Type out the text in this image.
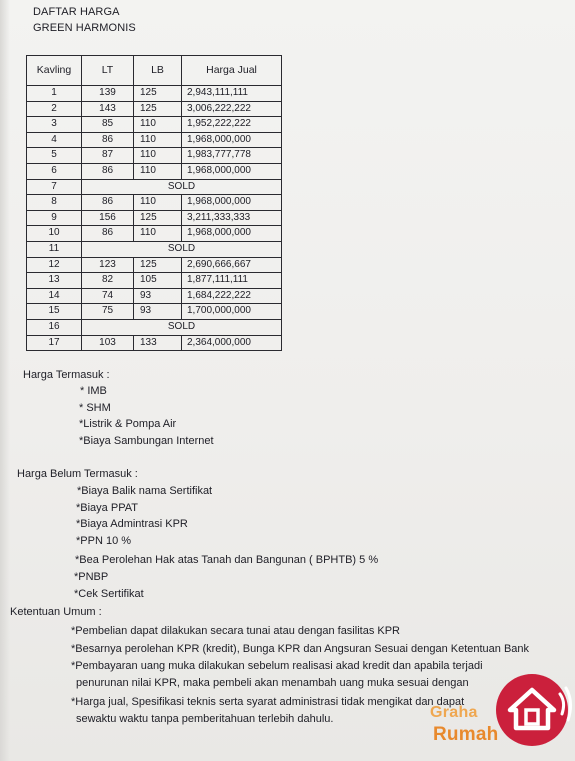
DAFTAR HARGA
GREEN HARMONIS
Kavling	LT	LB	Harga Jual
1	139	125	2,943,111,111
2	143	125	3,006,222,222
3	85	110	1,952,222,222
4	86	110	1,968,000,000
5	87	110	1,983,777,778
6	86	110	1,968,000,000
7	SOLD		
8	86	110	1,968,000,000
9	156	125	3,211,333,333
10	86	110	1,968,000,000
11	SOLD		
12	123	125	2,690,666,667
13	82	105	1,877,111,111
14	74	93	1,684,222,222
15	75	93	1,700,000,000
16	SOLD		
17	103	133	2,364,000,000
Harga Termasuk :
* IMB
* SHM
*Listrik & Pompa Air
*Biaya Sambungan Internet
Harga Belum Termasuk :
*Biaya Balik nama Sertifikat
*Biaya PPAT
*Biaya Admintrasi KPR
*PPN 10 %
*Bea Perolehan Hak atas Tanah dan Bangunan ( BPHTB) 5 %
*PNBP
*Cek Sertifikat
Ketentuan Umum :
*Pembelian dapat dilakukan secara tunai atau dengan fasilitas KPR
*Besarnya perolehan KPR (kredit), Bunga KPR dan Angsuran Sesuai dengan Ketentuan Bank
*Pembayaran uang muka dilakukan sebelum realisasi akad kredit dan apabila terjadi
penurunan nilai KPR, maka pembeli akan menambah uang muka sesuai dengan
*Harga jual, Spesifikasi teknis serta syarat administrasi tidak mengikat dan dapat
sewaktu waktu tanpa pemberitahuan terlebih dahulu.	Graha
Rumah
